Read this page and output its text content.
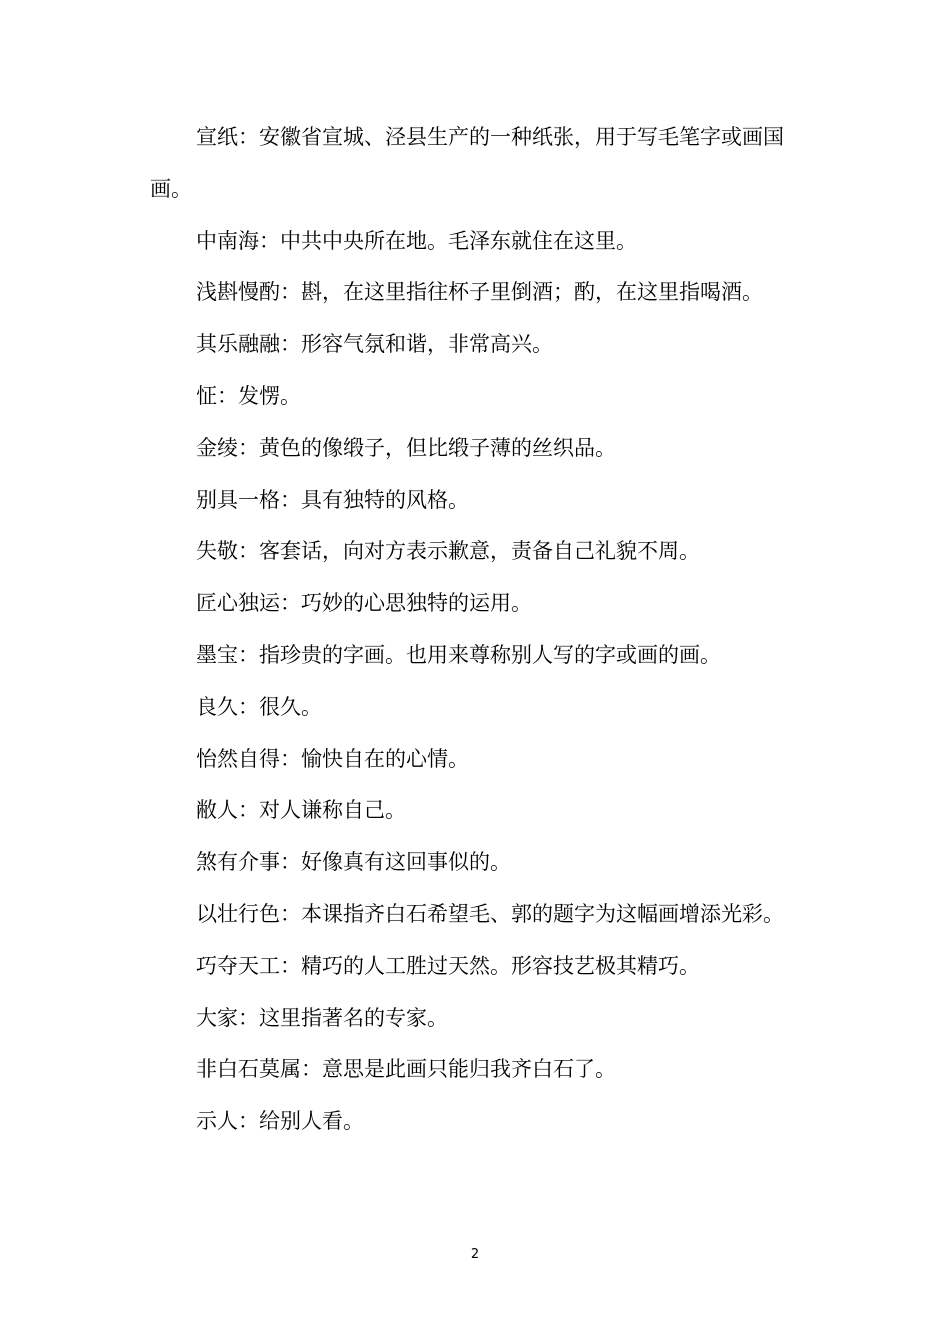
宣纸：安徽省宣城、泾县生产的一种纸张，用于写毛笔字或画国画。

中南海：中共中央所在地。毛泽东就住在这里。

浅斟慢酌：斟，在这里指往杯子里倒酒；酌，在这里指喝酒。

其乐融融：形容气氛和谐，非常高兴。

怔：发愣。

金绫：黄色的像缎子，但比缎子薄的丝织品。

别具一格：具有独特的风格。

失敬：客套话，向对方表示歉意，责备自己礼貌不周。

匠心独运：巧妙的心思独特的运用。

墨宝：指珍贵的字画。也用来尊称别人写的字或画的画。

良久：很久。

怡然自得：愉快自在的心情。

敝人：对人谦称自己。

煞有介事：好像真有这回事似的。

以壮行色：本课指齐白石希望毛、郭的题字为这幅画增添光彩。

巧夺天工：精巧的人工胜过天然。形容技艺极其精巧。

大家：这里指著名的专家。

非白石莫属：意思是此画只能归我齐白石了。

示人：给别人看。

2
